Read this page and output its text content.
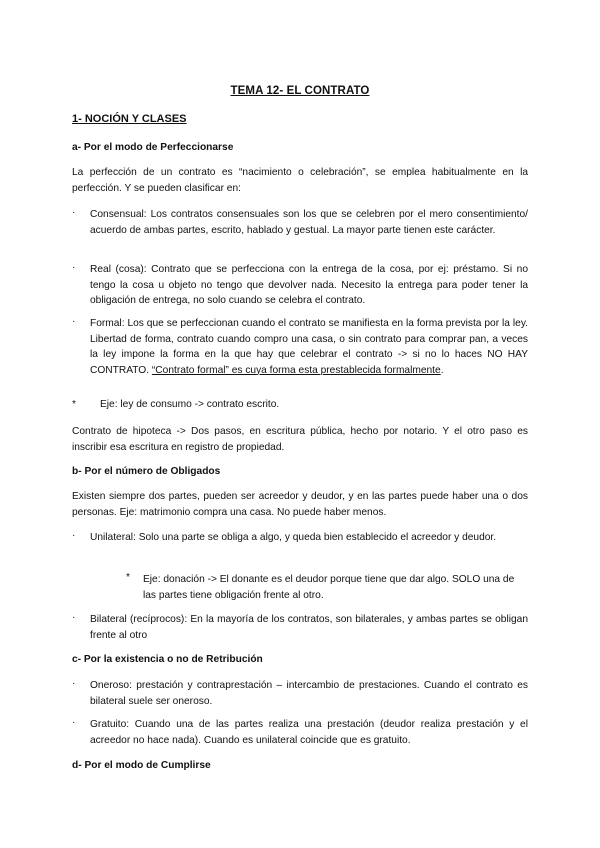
TEMA 12- EL CONTRATO
1- NOCIÓN Y CLASES
a- Por el modo de Perfeccionarse
La perfección de un contrato es “nacimiento o celebración”, se emplea habitualmente en la perfección. Y se pueden clasificar en:
· Consensual: Los contratos consensuales son los que se celebren por el mero consentimiento/ acuerdo de ambas partes, escrito, hablado y gestual. La mayor parte tienen este carácter.
· Real (cosa): Contrato que se perfecciona con la entrega de la cosa, por ej: préstamo. Si no tengo la cosa u objeto no tengo que devolver nada. Necesito la entrega para poder tener la obligación de entrega, no solo cuando se celebra el contrato.
· Formal: Los que se perfeccionan cuando el contrato se manifiesta en la forma prevista por la ley. Libertad de forma, contrato cuando compro una casa, o sin contrato para comprar pan, a veces la ley impone la forma en la que hay que celebrar el contrato -> si no lo haces NO HAY CONTRATO. “Contrato formal” es cuya forma esta prestablecida formalmente.
* Eje: ley de consumo -> contrato escrito.
Contrato de hipoteca -> Dos pasos, en escritura pública, hecho por notario. Y el otro paso es inscribir esa escritura en registro de propiedad.
b- Por el número de Obligados
Existen siempre dos partes, pueden ser acreedor y deudor, y en las partes puede haber una o dos personas. Eje: matrimonio compra una casa. No puede haber menos.
· Unilateral: Solo una parte se obliga a algo, y queda bien establecido el acreedor y deudor.
* Eje: donación -> El donante es el deudor porque tiene que dar algo. SOLO una de las partes tiene obligación frente al otro.
· Bilateral (recíprocos): En la mayoría de los contratos, son bilaterales, y ambas partes se obligan frente al otro
c- Por la existencia o no de Retribución
· Oneroso: prestación y contraprestación – intercambio de prestaciones. Cuando el contrato es bilateral suele ser oneroso.
· Gratuito: Cuando una de las partes realiza una prestación (deudor realiza prestación y el acreedor no hace nada). Cuando es unilateral coincide que es gratuito.
d- Por el modo de Cumplirse
